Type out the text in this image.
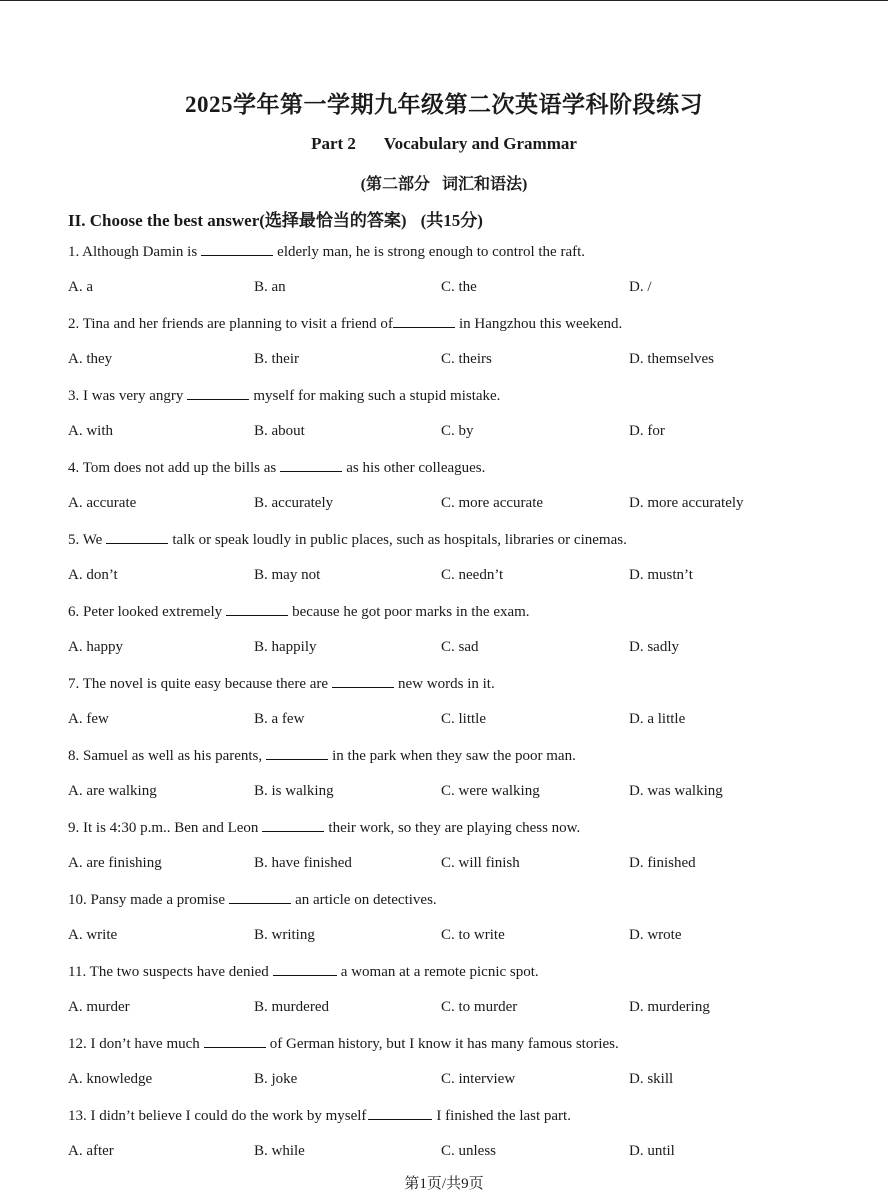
2025学年第一学期九年级第二次英语学科阶段练习
Part 2 Vocabulary and Grammar
(第二部分 词汇和语法)
II. Choose the best answer(选择最恰当的答案) (共15分)
1. Although Damin is	elderly man, he is strong enough to control the raft.
A. a	B. an	C. the	D. /
2. Tina and her friends are planning to visit a friend of	in Hangzhou this weekend.
A. they	B. their	C. theirs	D. themselves
3. I was very angry	myself for making such a stupid mistake.
A. with	B. about	C. by	D. for
4. Tom does not add up the bills as	as his other colleagues.
A. accurate	B. accurately	C. more accurate	D. more accurately
5. We	talk or speak loudly in public places, such as hospitals, libraries or cinemas.
A. don’t	B. may not	C. needn’t	D. mustn’t
6. Peter looked extremely	because he got poor marks in the exam.
A. happy	B. happily	C. sad	D. sadly
7. The novel is quite easy because there are	new words in it.
A. few	B. a few	C. little	D. a little
8. Samuel as well as his parents,	in the park when they saw the poor man.
A. are walking	B. is walking	C. were walking	D. was walking
9. It is 4:30 p.m.. Ben and Leon	their work, so they are playing chess now.
A. are finishing	B. have finished	C. will finish	D. finished
10. Pansy made a promise	an article on detectives.
A. write	B. writing	C. to write	D. wrote
11. The two suspects have denied	a woman at a remote picnic spot.
A. murder	B. murdered	C. to murder	D. murdering
12. I don’t have much	of German history, but I know it has many famous stories.
A. knowledge	B. joke	C. interview	D. skill
13. I didn’t believe I could do the work by myself	I finished the last part.
A. after	B. while	C. unless	D. until
第1页/共9页
